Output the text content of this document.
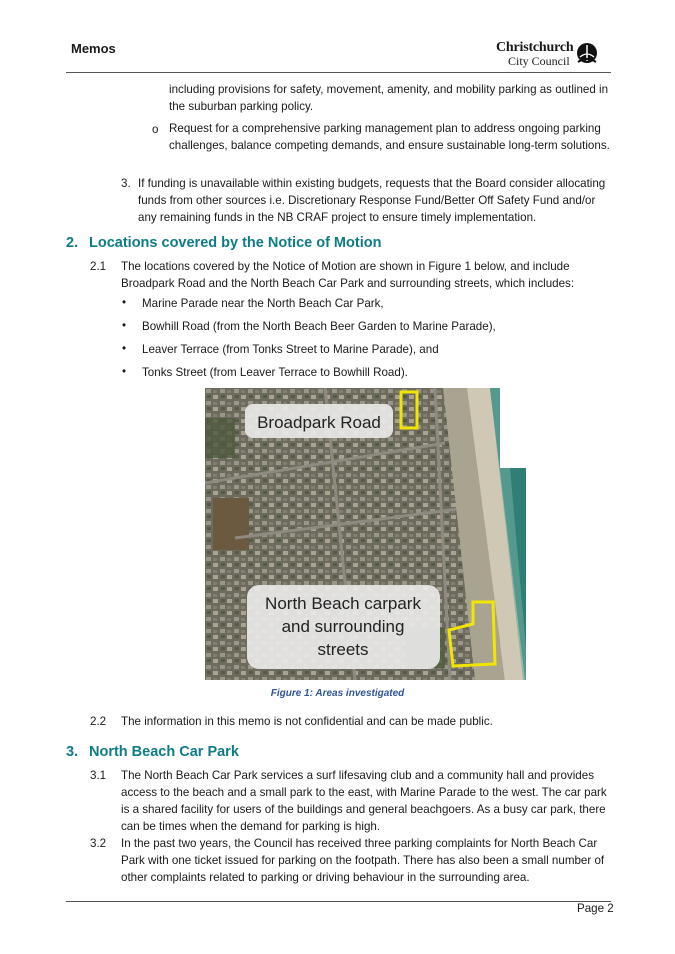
Memos	Christchurch
City Council

including provisions for safety, movement, amenity, and mobility parking as outlined in the suburban parking policy.

o Request for a comprehensive parking management plan to address ongoing parking challenges, balance competing demands, and ensure sustainable long-term solutions.

3. If funding is unavailable within existing budgets, requests that the Board consider allocating funds from other sources i.e. Discretionary Response Fund/Better Off Safety Fund and/or any remaining funds in the NB CRAF project to ensure timely implementation.

2. Locations covered by the Notice of Motion
2.1 The locations covered by the Notice of Motion are shown in Figure 1 below, and include Broadpark Road and the North Beach Car Park and surrounding streets, which includes:

• Marine Parade near the North Beach Car Park,
• Bowhill Road (from the North Beach Beer Garden to Marine Parade),
• Leaver Terrace (from Tonks Street to Marine Parade), and
• Tonks Street (from Leaver Terrace to Bowhill Road).
Broadpark Road
North Beach carpark
and surrounding
streets
Figure 1: Areas investigated
2.2 The information in this memo is not confidential and can be made public.

3. North Beach Car Park
3.1 The North Beach Car Park services a surf lifesaving club and a community hall and provides access to the beach and a small park to the east, with Marine Parade to the west. The car park is a shared facility for users of the buildings and general beachgoers. As a busy car park, there can be times when the demand for parking is high.

3.2 In the past two years, the Council has received three parking complaints for North Beach Car Park with one ticket issued for parking on the footpath. There has also been a small number of other complaints related to parking or driving behaviour in the surrounding area.

Page 2
